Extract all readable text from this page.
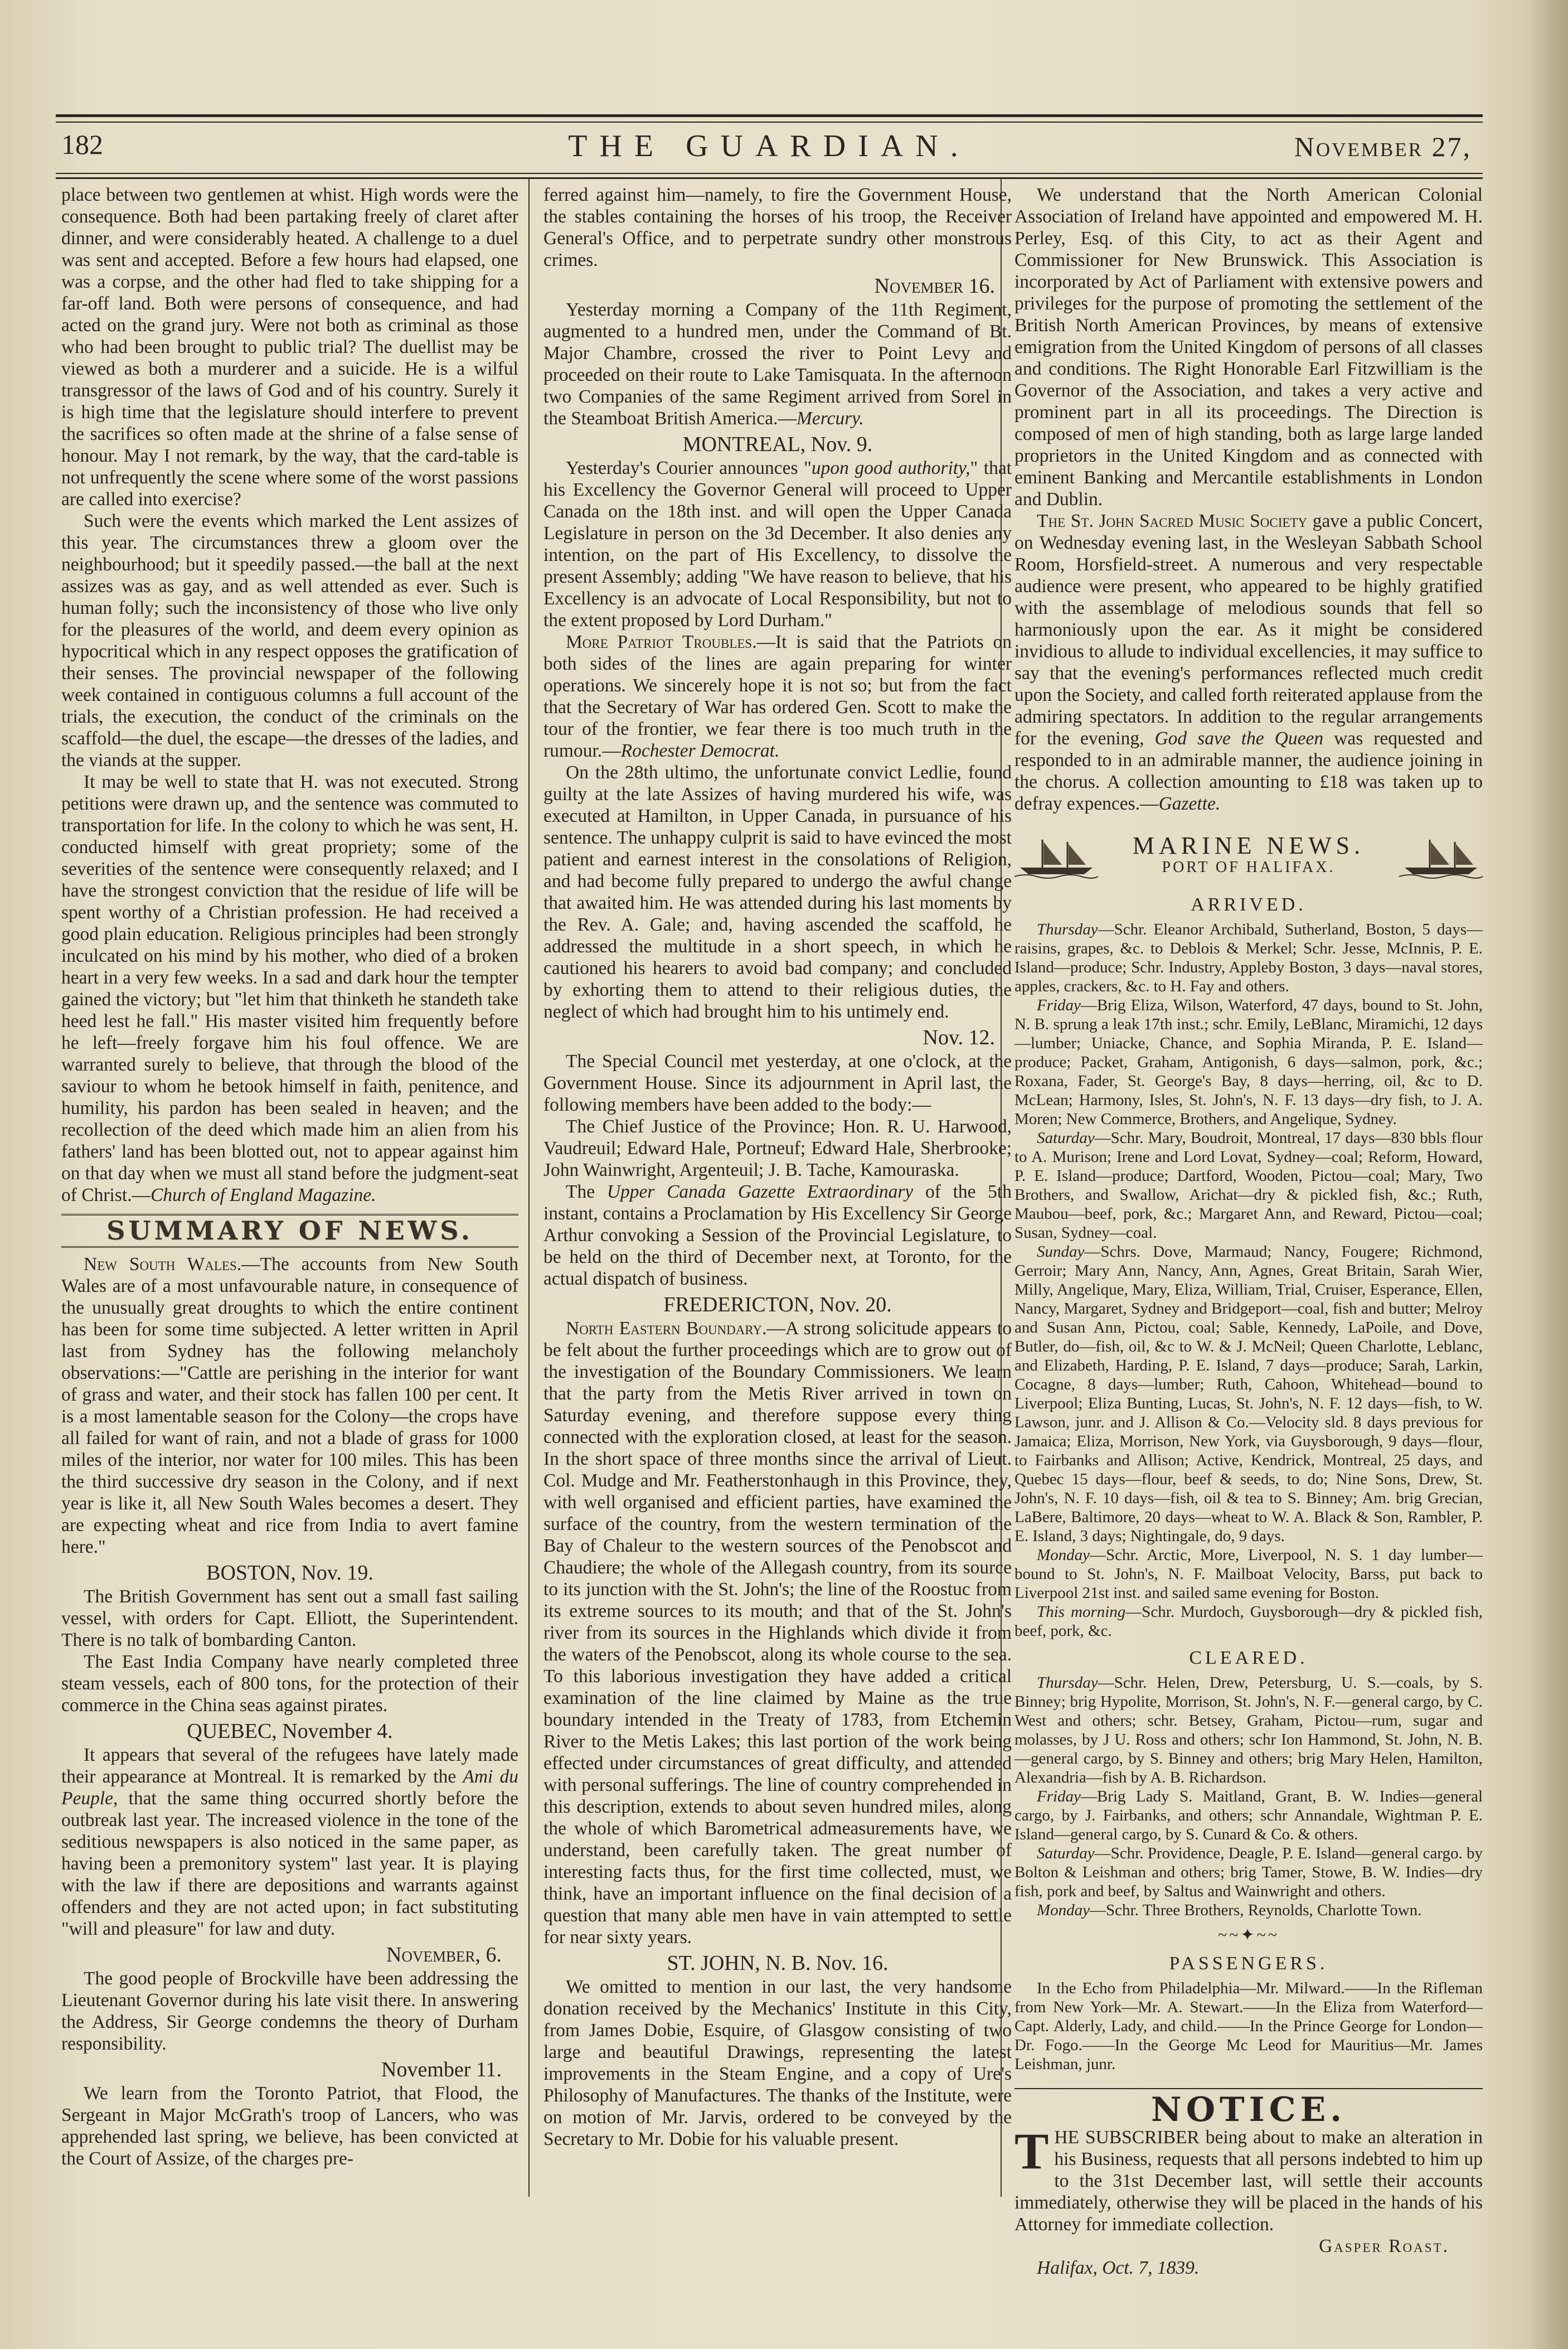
182	THE GUARDIAN.	November 27,

place between two gentlemen at whist. High words were the consequence. Both had been partaking freely of claret after dinner, and were considerably heated. A challenge to a duel was sent and accepted. Before a few hours had elapsed, one was a corpse, and the other had fled to take shipping for a far-off land. Both were persons of consequence, and had acted on the grand jury. Were not both as criminal as those who had been brought to public trial? The duellist may be viewed as both a murderer and a suicide. He is a wilful transgressor of the laws of God and of his country. Surely it is high time that the legislature should interfere to prevent the sacrifices so often made at the shrine of a false sense of honour. May I not remark, by the way, that the card-table is not unfrequently the scene where some of the worst passions are called into exercise?

Such were the events which marked the Lent assizes of this year. The circumstances threw a gloom over the neighbourhood; but it speedily passed.—the ball at the next assizes was as gay, and as well attended as ever. Such is human folly; such the inconsistency of those who live only for the pleasures of the world, and deem every opinion as hypocritical which in any respect opposes the gratification of their senses. The provincial newspaper of the following week contained in contiguous columns a full account of the trials, the execution, the conduct of the criminals on the scaffold—the duel, the escape—the dresses of the ladies, and the viands at the supper.

It may be well to state that H. was not executed. Strong petitions were drawn up, and the sentence was commuted to transportation for life. In the colony to which he was sent, H. conducted himself with great propriety; some of the severities of the sentence were consequently relaxed; and I have the strongest conviction that the residue of life will be spent worthy of a Christian profession. He had received a good plain education. Religious principles had been strongly inculcated on his mind by his mother, who died of a broken heart in a very few weeks. In a sad and dark hour the tempter gained the victory; but "let him that thinketh he standeth take heed lest he fall." His master visited him frequently before he left—freely forgave him his foul offence. We are warranted surely to believe, that through the blood of the saviour to whom he betook himself in faith, penitence, and humility, his pardon has been sealed in heaven; and the recollection of the deed which made him an alien from his fathers' land has been blotted out, not to appear against him on that day when we must all stand before the judgment-seat of Christ.—Church of England Magazine.

SUMMARY OF NEWS.

New South Wales.—The accounts from New South Wales are of a most unfavourable nature, in consequence of the unusually great droughts to which the entire continent has been for some time subjected. A letter written in April last from Sydney has the following melancholy observations:—"Cattle are perishing in the interior for want of grass and water, and their stock has fallen 100 per cent. It is a most lamentable season for the Colony—the crops have all failed for want of rain, and not a blade of grass for 1000 miles of the interior, nor water for 100 miles. This has been the third successive dry season in the Colony, and if next year is like it, all New South Wales becomes a desert. They are expecting wheat and rice from India to avert famine here."

BOSTON, Nov. 19.

The British Government has sent out a small fast sailing vessel, with orders for Capt. Elliott, the Superintendent. There is no talk of bombarding Canton.

The East India Company have nearly completed three steam vessels, each of 800 tons, for the protection of their commerce in the China seas against pirates.

QUEBEC, November 4.

It appears that several of the refugees have lately made their appearance at Montreal. It is remarked by the Ami du Peuple, that the same thing occurred shortly before the outbreak last year. The increased violence in the tone of the seditious newspapers is also noticed in the same paper, as having been a premonitory system" last year. It is playing with the law if there are depositions and warrants against offenders and they are not acted upon; in fact substituting "will and pleasure" for law and duty.

November, 6.

The good people of Brockville have been addressing the Lieutenant Governor during his late visit there. In answering the Address, Sir George condemns the theory of Durham responsibility.

November 11.

We learn from the Toronto Patriot, that Flood, the Sergeant in Major McGrath's troop of Lancers, who was apprehended last spring, we believe, has been convicted at the Court of Assize, of the charges pre-

ferred against him—namely, to fire the Government House, the stables containing the horses of his troop, the Receiver General's Office, and to perpetrate sundry other monstrous crimes.

November 16.

Yesterday morning a Company of the 11th Regiment, augmented to a hundred men, under the Command of Bt. Major Chambre, crossed the river to Point Levy and proceeded on their route to Lake Tamisquata. In the afternoon two Companies of the same Regiment arrived from Sorel in the Steamboat British America.—Mercury.

MONTREAL, Nov. 9.

Yesterday's Courier announces "upon good authority," that his Excellency the Governor General will proceed to Upper Canada on the 18th inst. and will open the Upper Canada Legislature in person on the 3d December. It also denies any intention, on the part of His Excellency, to dissolve the present Assembly; adding "We have reason to believe, that his Excellency is an advocate of Local Responsibility, but not to the extent proposed by Lord Durham."

More Patriot Troubles.—It is said that the Patriots on both sides of the lines are again preparing for winter operations. We sincerely hope it is not so; but from the fact that the Secretary of War has ordered Gen. Scott to make the tour of the frontier, we fear there is too much truth in the rumour.—Rochester Democrat.

On the 28th ultimo, the unfortunate convict Ledlie, found guilty at the late Assizes of having murdered his wife, was executed at Hamilton, in Upper Canada, in pursuance of his sentence. The unhappy culprit is said to have evinced the most patient and earnest interest in the consolations of Religion, and had become fully prepared to undergo the awful change that awaited him. He was attended during his last moments by the Rev. A. Gale; and, having ascended the scaffold, he addressed the multitude in a short speech, in which he cautioned his hearers to avoid bad company; and concluded by exhorting them to attend to their religious duties, the neglect of which had brought him to his untimely end.

Nov. 12.

The Special Council met yesterday, at one o'clock, at the Government House. Since its adjournment in April last, the following members have been added to the body:—

The Chief Justice of the Province; Hon. R. U. Harwood, Vaudreuil; Edward Hale, Portneuf; Edward Hale, Sherbrooke; John Wainwright, Argenteuil; J. B. Tache, Kamouraska.

The Upper Canada Gazette Extraordinary of the 5th instant, contains a Proclamation by His Excellency Sir George Arthur convoking a Session of the Provincial Legislature, to be held on the third of December next, at Toronto, for the actual dispatch of business.

FREDERICTON, Nov. 20.

North Eastern Boundary.—A strong solicitude appears to be felt about the further proceedings which are to grow out of the investigation of the Boundary Commissioners. We learn that the party from the Metis River arrived in town on Saturday evening, and therefore suppose every thing connected with the exploration closed, at least for the season. In the short space of three months since the arrival of Lieut. Col. Mudge and Mr. Featherstonhaugh in this Province, they, with well organised and efficient parties, have examined the surface of the country, from the western termination of the Bay of Chaleur to the western sources of the Penobscot and Chaudiere; the whole of the Allegash country, from its source to its junction with the St. John's; the line of the Roostuc from its extreme sources to its mouth; and that of the St. John's river from its sources in the Highlands which divide it from the waters of the Penobscot, along its whole course to the sea. To this laborious investigation they have added a critical examination of the line claimed by Maine as the true boundary intended in the Treaty of 1783, from Etchemin River to the Metis Lakes; this last portion of the work being effected under circumstances of great difficulty, and attended with personal sufferings. The line of country comprehended in this description, extends to about seven hundred miles, along the whole of which Barometrical admeasurements have, we understand, been carefully taken. The great number of interesting facts thus, for the first time collected, must, we think, have an important influence on the final decision of a question that many able men have in vain attempted to settle for near sixty years.

ST. JOHN, N. B. Nov. 16.

We omitted to mention in our last, the very handsome donation received by the Mechanics' Institute in this City, from James Dobie, Esquire, of Glasgow consisting of two large and beautiful Drawings, representing the latest improvements in the Steam Engine, and a copy of Ure's Philosophy of Manufactures. The thanks of the Institute, were on motion of Mr. Jarvis, ordered to be conveyed by the Secretary to Mr. Dobie for his valuable present.

We understand that the North American Colonial Association of Ireland have appointed and empowered M. H. Perley, Esq. of this City, to act as their Agent and Commissioner for New Brunswick. This Association is incorporated by Act of Parliament with extensive powers and privileges for the purpose of promoting the settlement of the British North American Provinces, by means of extensive emigration from the United Kingdom of persons of all classes and conditions. The Right Honorable Earl Fitzwilliam is the Governor of the Association, and takes a very active and prominent part in all its proceedings. The Direction is composed of men of high standing, both as large large landed proprietors in the United Kingdom and as connected with eminent Banking and Mercantile establishments in London and Dublin.

The St. John Sacred Music Society gave a public Concert, on Wednesday evening last, in the Wesleyan Sabbath School Room, Horsfield-street. A numerous and very respectable audience were present, who appeared to be highly gratified with the assemblage of melodious sounds that fell so harmoniously upon the ear. As it might be considered invidious to allude to individual excellencies, it may suffice to say that the evening's performances reflected much credit upon the Society, and called forth reiterated applause from the admiring spectators. In addition to the regular arrangements for the evening, God save the Queen was requested and responded to in an admirable manner, the audience joining in the chorus. A collection amounting to £18 was taken up to defray expences.—Gazette.

MARINE NEWS.
PORT OF HALIFAX.
ARRIVED.

Thursday—Schr. Eleanor Archibald, Sutherland, Boston, 5 days—raisins, grapes, &c. to Deblois & Merkel; Schr. Jesse, McInnis, P. E. Island—produce; Schr. Industry, Appleby Boston, 3 days—naval stores, apples, crackers, &c. to H. Fay and others.

Friday—Brig Eliza, Wilson, Waterford, 47 days, bound to St. John, N. B. sprung a leak 17th inst.; schr. Emily, LeBlanc, Miramichi, 12 days—lumber; Uniacke, Chance, and Sophia Miranda, P. E. Island—produce; Packet, Graham, Antigonish, 6 days—salmon, pork, &c.; Roxana, Fader, St. George's Bay, 8 days—herring, oil, &c to D. McLean; Harmony, Isles, St. John's, N. F. 13 days—dry fish, to J. A. Moren; New Commerce, Brothers, and Angelique, Sydney.

Saturday—Schr. Mary, Boudroit, Montreal, 17 days—830 bbls flour to A. Murison; Irene and Lord Lovat, Sydney—coal; Reform, Howard, P. E. Island—produce; Dartford, Wooden, Pictou—coal; Mary, Two Brothers, and Swallow, Arichat—dry & pickled fish, &c.; Ruth, Maubou—beef, pork, &c.; Margaret Ann, and Reward, Pictou—coal; Susan, Sydney—coal.

Sunday—Schrs. Dove, Marmaud; Nancy, Fougere; Richmond, Gerroir; Mary Ann, Nancy, Ann, Agnes, Great Britain, Sarah Wier, Milly, Angelique, Mary, Eliza, William, Trial, Cruiser, Esperance, Ellen, Nancy, Margaret, Sydney and Bridgeport—coal, fish and butter; Melroy and Susan Ann, Pictou, coal; Sable, Kennedy, LaPoile, and Dove, Butler, do—fish, oil, &c to W. & J. McNeil; Queen Charlotte, Leblanc, and Elizabeth, Harding, P. E. Island, 7 days—produce; Sarah, Larkin, Cocagne, 8 days—lumber; Ruth, Cahoon, Whitehead—bound to Liverpool; Eliza Bunting, Lucas, St. John's, N. F. 12 days—fish, to W. Lawson, junr. and J. Allison & Co.—Velocity sld. 8 days previous for Jamaica; Eliza, Morrison, New York, via Guysborough, 9 days—flour, to Fairbanks and Allison; Active, Kendrick, Montreal, 25 days, and Quebec 15 days—flour, beef & seeds, to do; Nine Sons, Drew, St. John's, N. F. 10 days—fish, oil & tea to S. Binney; Am. brig Grecian, LaBere, Baltimore, 20 days—wheat to W. A. Black & Son, Rambler, P. E. Island, 3 days; Nightingale, do, 9 days.

Monday—Schr. Arctic, More, Liverpool, N. S. 1 day lumber—bound to St. John's, N. F. Mailboat Velocity, Barss, put back to Liverpool 21st inst. and sailed same evening for Boston.

This morning—Schr. Murdoch, Guysborough—dry & pickled fish, beef, pork, &c.

CLEARED.

Thursday—Schr. Helen, Drew, Petersburg, U. S.—coals, by S. Binney; brig Hypolite, Morrison, St. John's, N. F.—general cargo, by C. West and others; schr. Betsey, Graham, Pictou—rum, sugar and molasses, by J U. Ross and others; schr Ion Hammond, St. John, N. B.—general cargo, by S. Binney and others; brig Mary Helen, Hamilton, Alexandria—fish by A. B. Richardson.

Friday—Brig Lady S. Maitland, Grant, B. W. Indies—general cargo, by J. Fairbanks, and others; schr Annandale, Wightman P. E. Island—general cargo, by S. Cunard & Co. & others.

Saturday—Schr. Providence, Deagle, P. E. Island—general cargo. by Bolton & Leishman and others; brig Tamer, Stowe, B. W. Indies—dry fish, pork and beef, by Saltus and Wainwright and others.

Monday—Schr. Three Brothers, Reynolds, Charlotte Town.

~~✦~~
PASSENGERS.

In the Echo from Philadelphia—Mr. Milward.——In the Rifleman from New York—Mr. A. Stewart.——In the Eliza from Waterford—Capt. Alderly, Lady, and child.——In the Prince George for London—Dr. Fogo.——In the George Mc Leod for Mauritius—Mr. James Leishman, junr.

NOTICE.

THE SUBSCRIBER being about to make an alteration in his Business, requests that all persons indebted to him up to the 31st December last, will settle their accounts immediately, otherwise they will be placed in the hands of his Attorney for immediate collection.

Gasper Roast.
Halifax, Oct. 7, 1839.
